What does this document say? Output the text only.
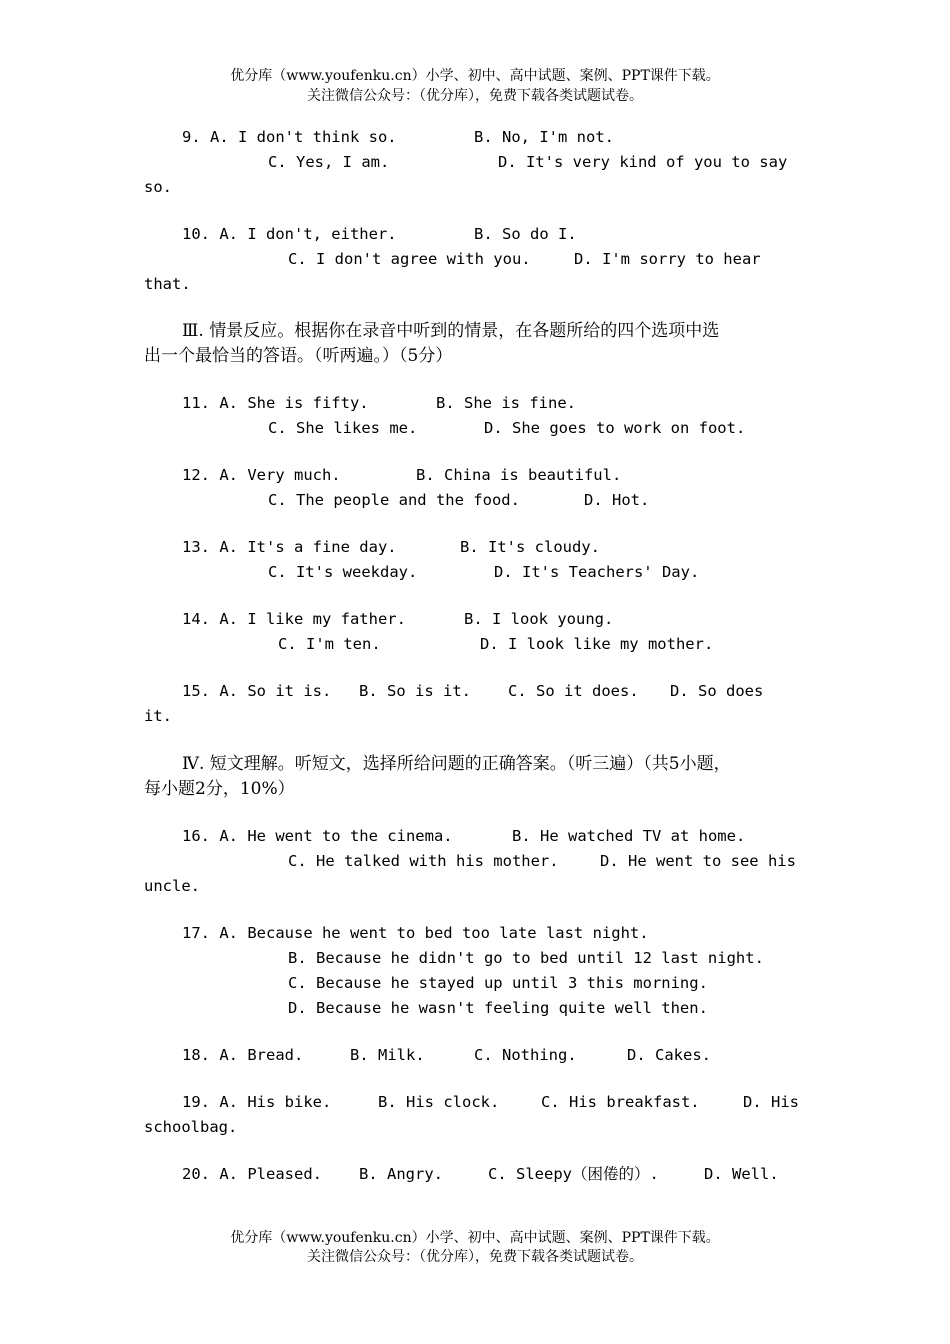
优分库（www.youfenku.cn）小学、初中、高中试题、案例、PPT课件下载。
关注微信公众号：（优分库），免费下载各类试题试卷。
9. A. I don't think so.	B. No, I'm not.
C. Yes, I am.	D. It's very kind of you to say
so.
10. A. I don't, either.	B. So do I.
C. I don't agree with you.	D. I'm sorry to hear
that.
Ⅲ. 情景反应。根据你在录音中听到的情景，在各题所给的四个选项中选
出一个最恰当的答语。（听两遍。）（5分）
11. A. She is fifty.	B. She is fine.
C. She likes me.	D. She goes to work on foot.
12. A. Very much.	B. China is beautiful.
C. The people and the food.	D. Hot.
13. A. It's a fine day.	B. It's cloudy.
C. It's weekday.	D. It's Teachers' Day.
14. A. I like my father.	B. I look young.
C. I'm ten.	D. I look like my mother.
15. A. So it is. B. So is it. C. So it does. D. So does
it.
Ⅳ. 短文理解。听短文，选择所给问题的正确答案。（听三遍）（共5小题，
每小题2分，10%）
16. A. He went to the cinema.	B. He watched TV at home.
C. He talked with his mother.	D. He went to see his
uncle.
17. A. Because he went to bed too late last night.
B. Because he didn't go to bed until 12 last night.
C. Because he stayed up until 3 this morning.
D. Because he wasn't feeling quite well then.
18. A. Bread.	B. Milk.	C. Nothing.	D. Cakes.
19. A. His bike.	B. His clock.	C. His breakfast.	D. His
schoolbag.
20. A. Pleased. B. Angry.	C. Sleepy（困倦的）.	D. Well.
优分库（www.youfenku.cn）小学、初中、高中试题、案例、PPT课件下载。
关注微信公众号：（优分库），免费下载各类试题试卷。
